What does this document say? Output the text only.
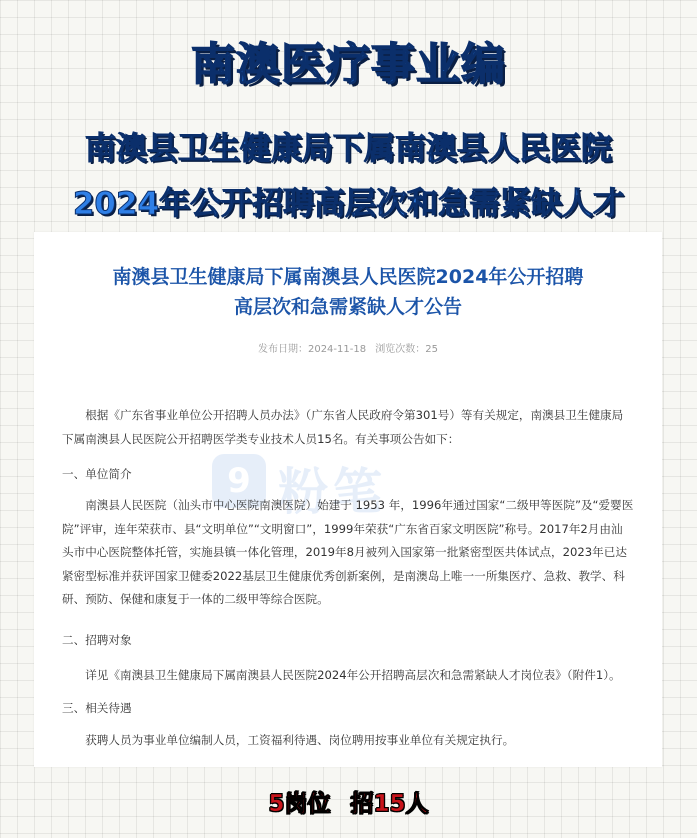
南澳医疗事业编
南澳县卫生健康局下属南澳县人民医院
2024年公开招聘高层次和急需紧缺人才
9 粉笔
南澳县卫生健康局下属南澳县人民医院2024年公开招聘
高层次和急需紧缺人才公告
发布日期：2024-11-18 浏览次数：25
根据《广东省事业单位公开招聘人员办法》（广东省人民政府令第301号）等有关规定，南澳县卫生健康局下属南澳县人民医院公开招聘医学类专业技术人员15名。有关事项公告如下：
一、单位简介
南澳县人民医院（汕头市中心医院南澳医院）始建于 1953 年，1996年通过国家“二级甲等医院”及“爱婴医院”评审，连年荣获市、县“文明单位”“文明窗口”，1999年荣获“广东省百家文明医院”称号。2017年2月由汕头市中心医院整体托管，实施县镇一体化管理，2019年8月被列入国家第一批紧密型医共体试点，2023年已达紧密型标准并获评国家卫健委2022基层卫生健康优秀创新案例，是南澳岛上唯一一所集医疗、急救、教学、科研、预防、保健和康复于一体的二级甲等综合医院。
二、招聘对象
详见《南澳县卫生健康局下属南澳县人民医院2024年公开招聘高层次和急需紧缺人才岗位表》（附件1）。
三、相关待遇
获聘人员为事业单位编制人员，工资福利待遇、岗位聘用按事业单位有关规定执行。
5岗位 招15人
